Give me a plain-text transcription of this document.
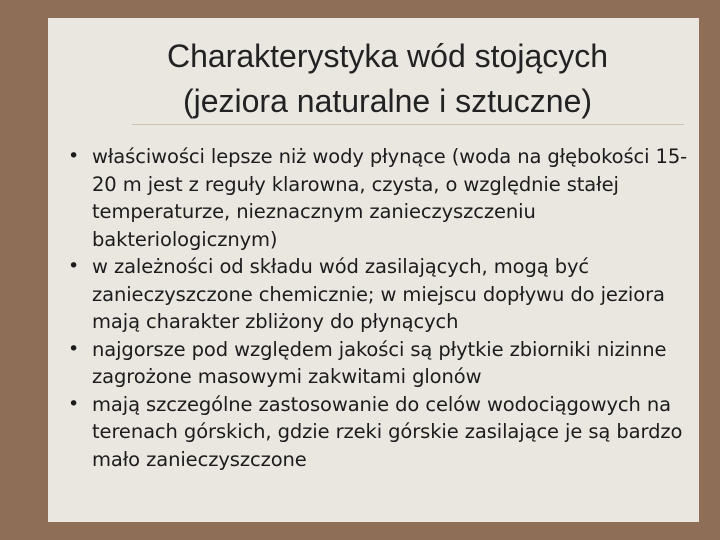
Charakterystyka wód stojących
(jeziora naturalne i sztuczne)
• właściwości lepsze niż wody płynące (woda na głębokości 15-20 m jest z reguły klarowna, czysta, o względnie stałej temperaturze, nieznacznym zanieczyszczeniu bakteriologicznym)
• w zależności od składu wód zasilających, mogą być zanieczyszczone chemicznie; w miejscu dopływu do jeziora mają charakter zbliżony do płynących
• najgorsze pod względem jakości są płytkie zbiorniki nizinne zagrożone masowymi zakwitami glonów
• mają szczególne zastosowanie do celów wodociągowych na terenach górskich, gdzie rzeki górskie zasilające je są bardzo mało zanieczyszczone
